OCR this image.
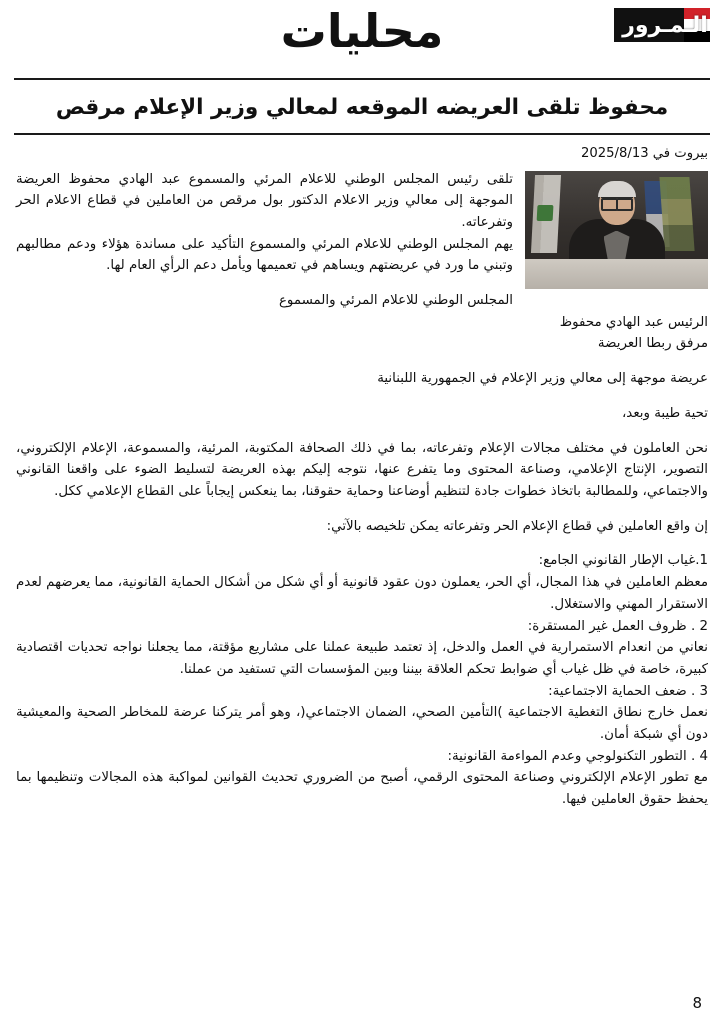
محليات	الـمـرور
محفوظ تلقى العريضه الموقعه لمعالي وزير الإعلام مرقص
بيروت في 2025/8/13

تلقى رئيس المجلس الوطني للاعلام المرئي والمسموع عبد الهادي محفوظ العريضة الموجهة إلى معالي وزير الاعلام الدكتور بول مرقص من العاملين في قطاع الاعلام الحر وتفرعاته.

يهم المجلس الوطني للاعلام المرئي والمسموع التأكيد على مساندة هؤلاء ودعم مطالبهم وتبني ما ورد في عريضتهم ويساهم في تعميمها ويأمل دعم الرأي العام لها.

المجلس الوطني للاعلام المرئي والمسموع

الرئيس عبد الهادي محفوظ

مرفق ربطا العريضة

عريضة موجهة إلى معالي وزير الإعلام في الجمهورية اللبنانية

تحية طيبة وبعد،

نحن العاملون في مختلف مجالات الإعلام وتفرعاته، بما في ذلك الصحافة المكتوبة، المرئية، والمسموعة، الإعلام الإلكتروني، التصوير، الإنتاج الإعلامي، وصناعة المحتوى وما يتفرع عنها، نتوجه إليكم بهذه العريضة لتسليط الضوء على واقعنا القانوني والاجتماعي، وللمطالبة باتخاذ خطوات جادة لتنظيم أوضاعنا وحماية حقوقنا، بما ينعكس إيجاباً على القطاع الإعلامي ككل.

إن واقع العاملين في قطاع الإعلام الحر وتفرعاته يمكن تلخيصه بالآتي:

1.غياب الإطار القانوني الجامع:

معظم العاملين في هذا المجال، أي الحر، يعملون دون عقود قانونية أو أي شكل من أشكال الحماية القانونية، مما يعرضهم لعدم الاستقرار المهني والاستغلال.

2 . ظروف العمل غير المستقرة:

نعاني من انعدام الاستمرارية في العمل والدخل، إذ تعتمد طبيعة عملنا على مشاريع مؤقتة، مما يجعلنا نواجه تحديات اقتصادية كبيرة، خاصة في ظل غياب أي ضوابط تحكم العلاقة بيننا وبين المؤسسات التي تستفيد من عملنا.

3 . ضعف الحماية الاجتماعية:

نعمل خارج نطاق التغطية الاجتماعية )التأمين الصحي، الضمان الاجتماعي(، وهو أمر يتركنا عرضة للمخاطر الصحية والمعيشية دون أي شبكة أمان.

4 . التطور التكنولوجي وعدم المواءمة القانونية:

مع تطور الإعلام الإلكتروني وصناعة المحتوى الرقمي، أصبح من الضروري تحديث القوانين لمواكبة هذه المجالات وتنظيمها بما يحفظ حقوق العاملين فيها.

8
